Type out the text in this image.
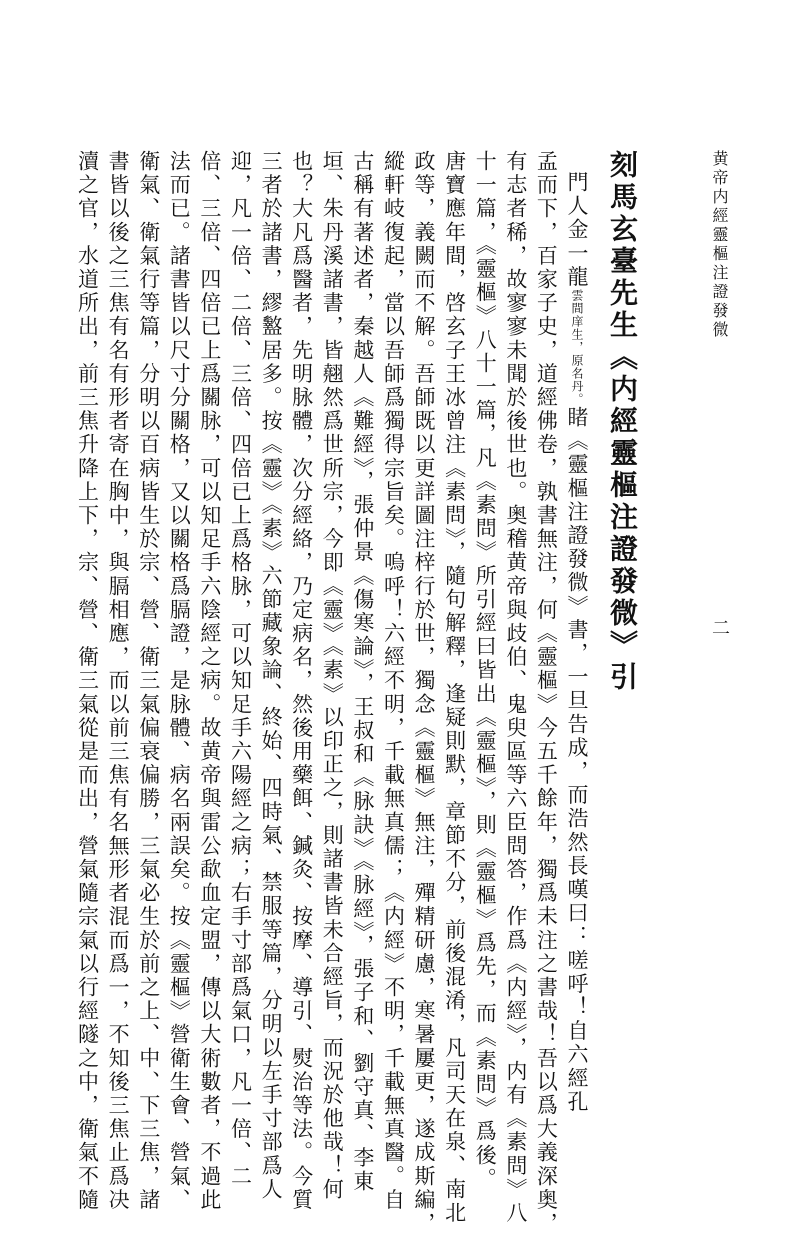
黄帝内經靈樞注證發微
二
刻馬玄臺先生《内經靈樞注證發微》引
門人金一龍雲間庠生，原名丹。睹《靈樞注證發微》書，一旦告成，而浩然長嘆曰：嗟呼！自六經孔
孟而下，百家子史，道經佛卷，孰書無注，何《靈樞》今五千餘年，獨爲未注之書哉！吾以爲大義深奥，
有志者稀，故寥寥未聞於後世也。奥稽黄帝與歧伯、鬼臾區等六臣問答，作爲《内經》，内有《素問》八
十一篇，《靈樞》八十一篇，凡《素問》所引經曰皆出《靈樞》，則《靈樞》爲先，而《素問》爲後。
唐寶應年間，啓玄子王冰曾注《素問》，隨句解釋，逢疑則默，章節不分，前後混淆，凡司天在泉、南北
政等，義闕而不解。吾師既以更詳圖注梓行於世，獨念《靈樞》無注，殫精研慮，寒暑屢更，遂成斯編，
縱軒岐復起，當以吾師爲獨得宗旨矣。嗚呼！六經不明，千載無真儒；《内經》不明，千載無真醫。自
古稱有著述者，秦越人《難經》，張仲景《傷寒論》，王叔和《脉訣》《脉經》，張子和、劉守真、李東
垣、朱丹溪諸書，皆翹然爲世所宗，今即《靈》《素》以印正之，則諸書皆未合經旨，而況於他哉！何
也？大凡爲醫者，先明脉體，次分經絡，乃定病名，然後用藥餌、鍼灸、按摩、導引、熨治等法。今質
三者於諸書，繆盭居多。按《靈》《素》六節藏象論、終始、四時氣、禁服等篇，分明以左手寸部爲人
迎，凡一倍、二倍、三倍、四倍已上爲格脉，可以知足手六陽經之病；右手寸部爲氣口，凡一倍、二
倍、三倍、四倍已上爲關脉，可以知足手六陰經之病。故黄帝與雷公歃血定盟，傳以大術數者，不過此
法而已。諸書皆以尺寸分關格，又以關格爲膈證，是脉體、病名兩誤矣。按《靈樞》營衛生會、營氣、
衛氣、衛氣行等篇，分明以百病皆生於宗、營、衛三氣偏衰偏勝，三氣必生於前之上、中、下三焦，諸
書皆以後之三焦有名有形者寄在胸中，與膈相應，而以前三焦有名無形者混而爲一，不知後三焦止爲决
瀆之官，水道所出，前三焦升降上下，宗、營、衛三氣從是而出，營氣隨宗氣以行經隧之中，衛氣不隨
